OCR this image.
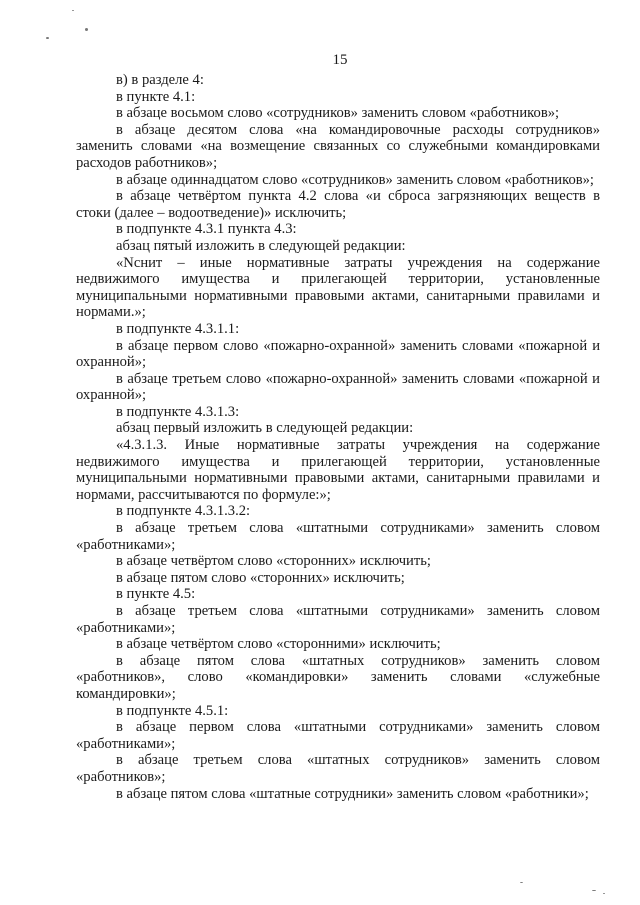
15

в) в разделе 4:

в пункте 4.1:

в абзаце восьмом слово «сотрудников» заменить словом «работников»;

в абзаце десятом слова «на командировочные расходы сотрудников» заменить словами «на возмещение связанных со служебными командировками расходов работников»;

в абзаце одиннадцатом слово «сотрудников» заменить словом «работников»;

в абзаце четвёртом пункта 4.2 слова «и сброса загрязняющих веществ в стоки (далее – водоотведение)» исключить;

в подпункте 4.3.1 пункта 4.3:

абзац пятый изложить в следующей редакции:

«Nснит – иные нормативные затраты учреждения на содержание недвижимого имущества и прилегающей территории, установленные муниципальными нормативными правовыми актами, санитарными правилами и нормами.»;

в подпункте 4.3.1.1:

в абзаце первом слово «пожарно-охранной» заменить словами «пожарной и охранной»;

в абзаце третьем слово «пожарно-охранной» заменить словами «пожарной и охранной»;

в подпункте 4.3.1.3:

абзац первый изложить в следующей редакции:

«4.3.1.3. Иные нормативные затраты учреждения на содержание недвижимого имущества и прилегающей территории, установленные муниципальными нормативными правовыми актами, санитарными правилами и нормами, рассчитываются по формуле:»;

в подпункте 4.3.1.3.2:

в абзаце третьем слова «штатными сотрудниками» заменить словом «работниками»;

в абзаце четвёртом слово «сторонних» исключить;

в абзаце пятом слово «сторонних» исключить;

в пункте 4.5:

в абзаце третьем слова «штатными сотрудниками» заменить словом «работниками»;

в абзаце четвёртом слово «сторонними» исключить;

в абзаце пятом слова «штатных сотрудников» заменить словом «работников», слово «командировки» заменить словами «служебные командировки»;

в подпункте 4.5.1:

в абзаце первом слова «штатными сотрудниками» заменить словом «работниками»;

в абзаце третьем слова «штатных сотрудников» заменить словом «работников»;

в абзаце пятом слова «штатные сотрудники» заменить словом «работники»;
